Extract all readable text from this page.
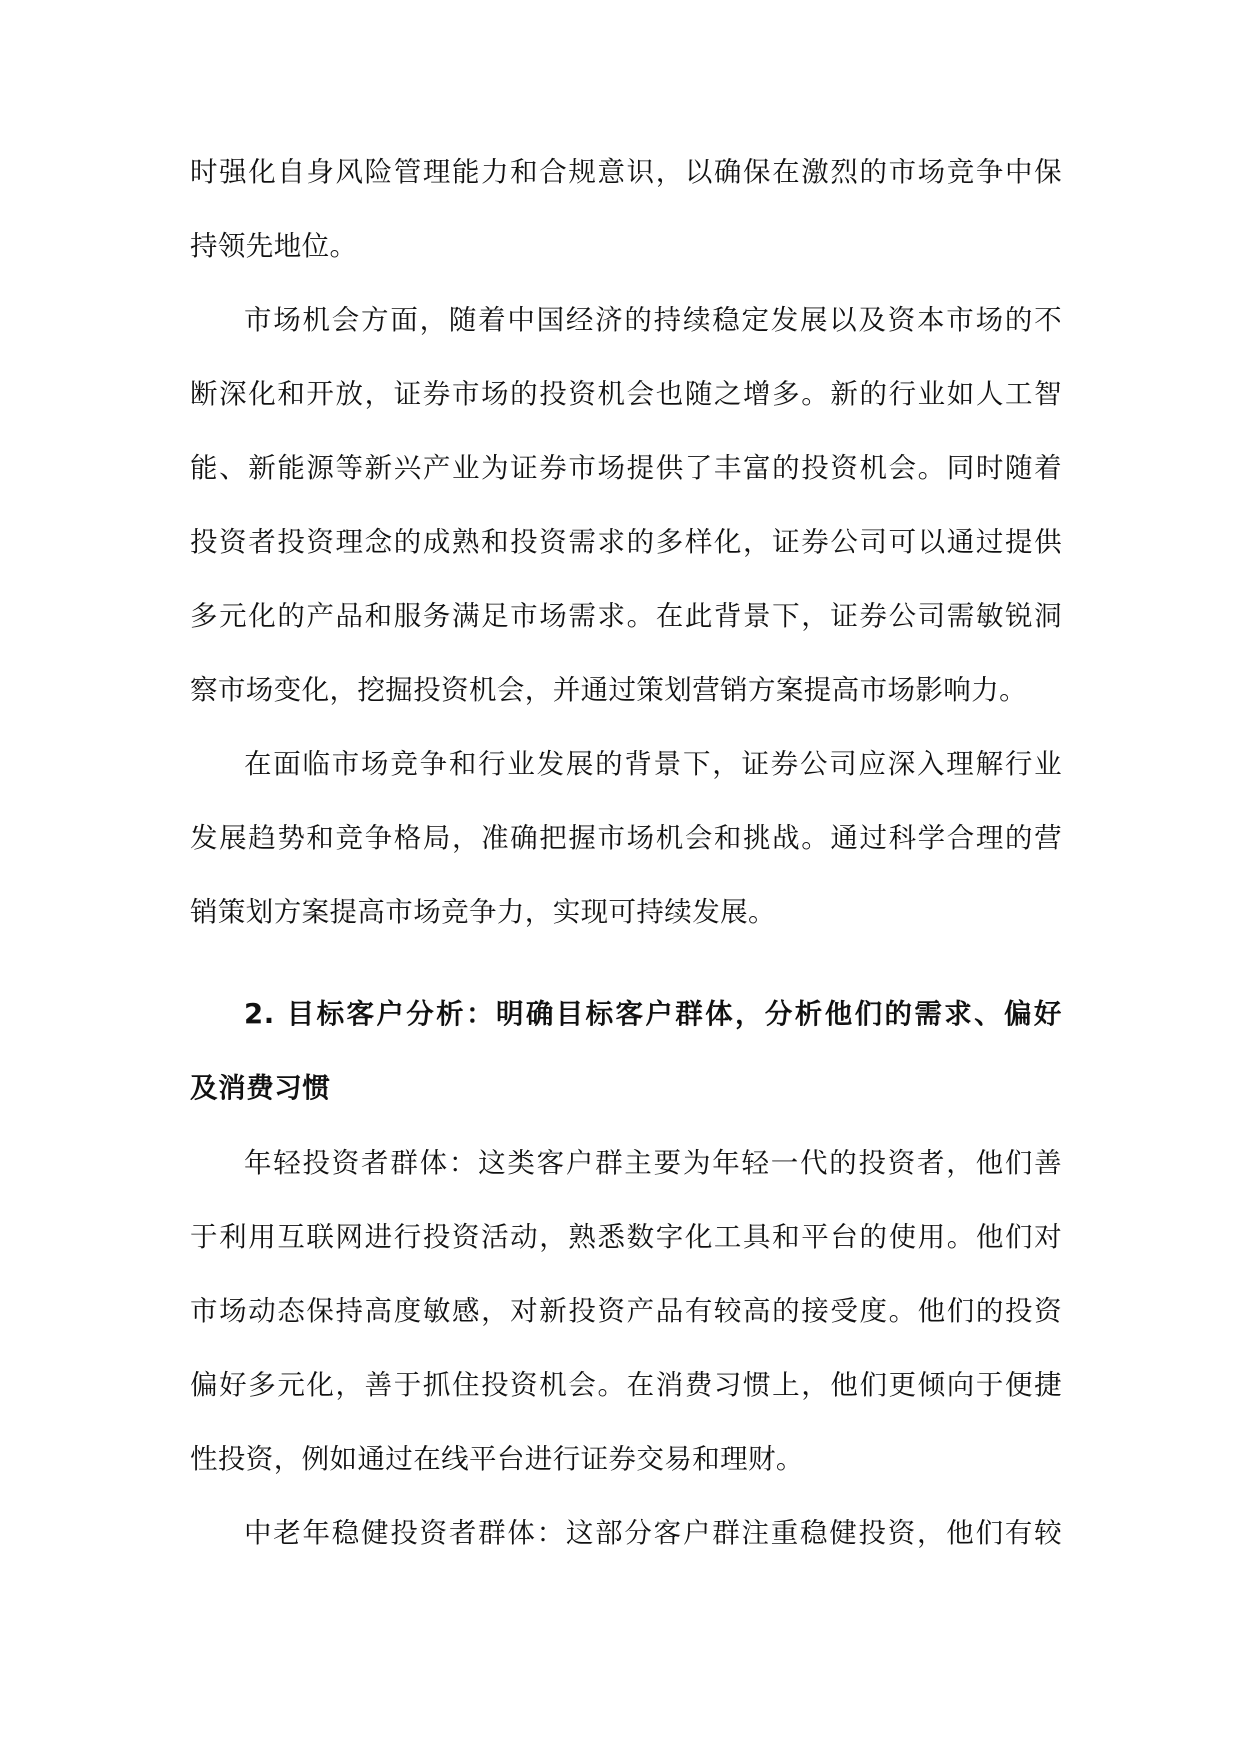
时强化自身风险管理能力和合规意识，以确保在激烈的市场竞争中保
持领先地位。
市场机会方面，随着中国经济的持续稳定发展以及资本市场的不
断深化和开放，证券市场的投资机会也随之增多。新的行业如人工智
能、新能源等新兴产业为证券市场提供了丰富的投资机会。同时随着
投资者投资理念的成熟和投资需求的多样化，证券公司可以通过提供
多元化的产品和服务满足市场需求。在此背景下，证券公司需敏锐洞
察市场变化，挖掘投资机会，并通过策划营销方案提高市场影响力。
在面临市场竞争和行业发展的背景下，证券公司应深入理解行业
发展趋势和竞争格局，准确把握市场机会和挑战。通过科学合理的营
销策划方案提高市场竞争力，实现可持续发展。
2. 目标客户分析：明确目标客户群体，分析他们的需求、偏好
及消费习惯
年轻投资者群体：这类客户群主要为年轻一代的投资者，他们善
于利用互联网进行投资活动，熟悉数字化工具和平台的使用。他们对
市场动态保持高度敏感，对新投资产品有较高的接受度。他们的投资
偏好多元化，善于抓住投资机会。在消费习惯上，他们更倾向于便捷
性投资，例如通过在线平台进行证券交易和理财。
中老年稳健投资者群体：这部分客户群注重稳健投资，他们有较
